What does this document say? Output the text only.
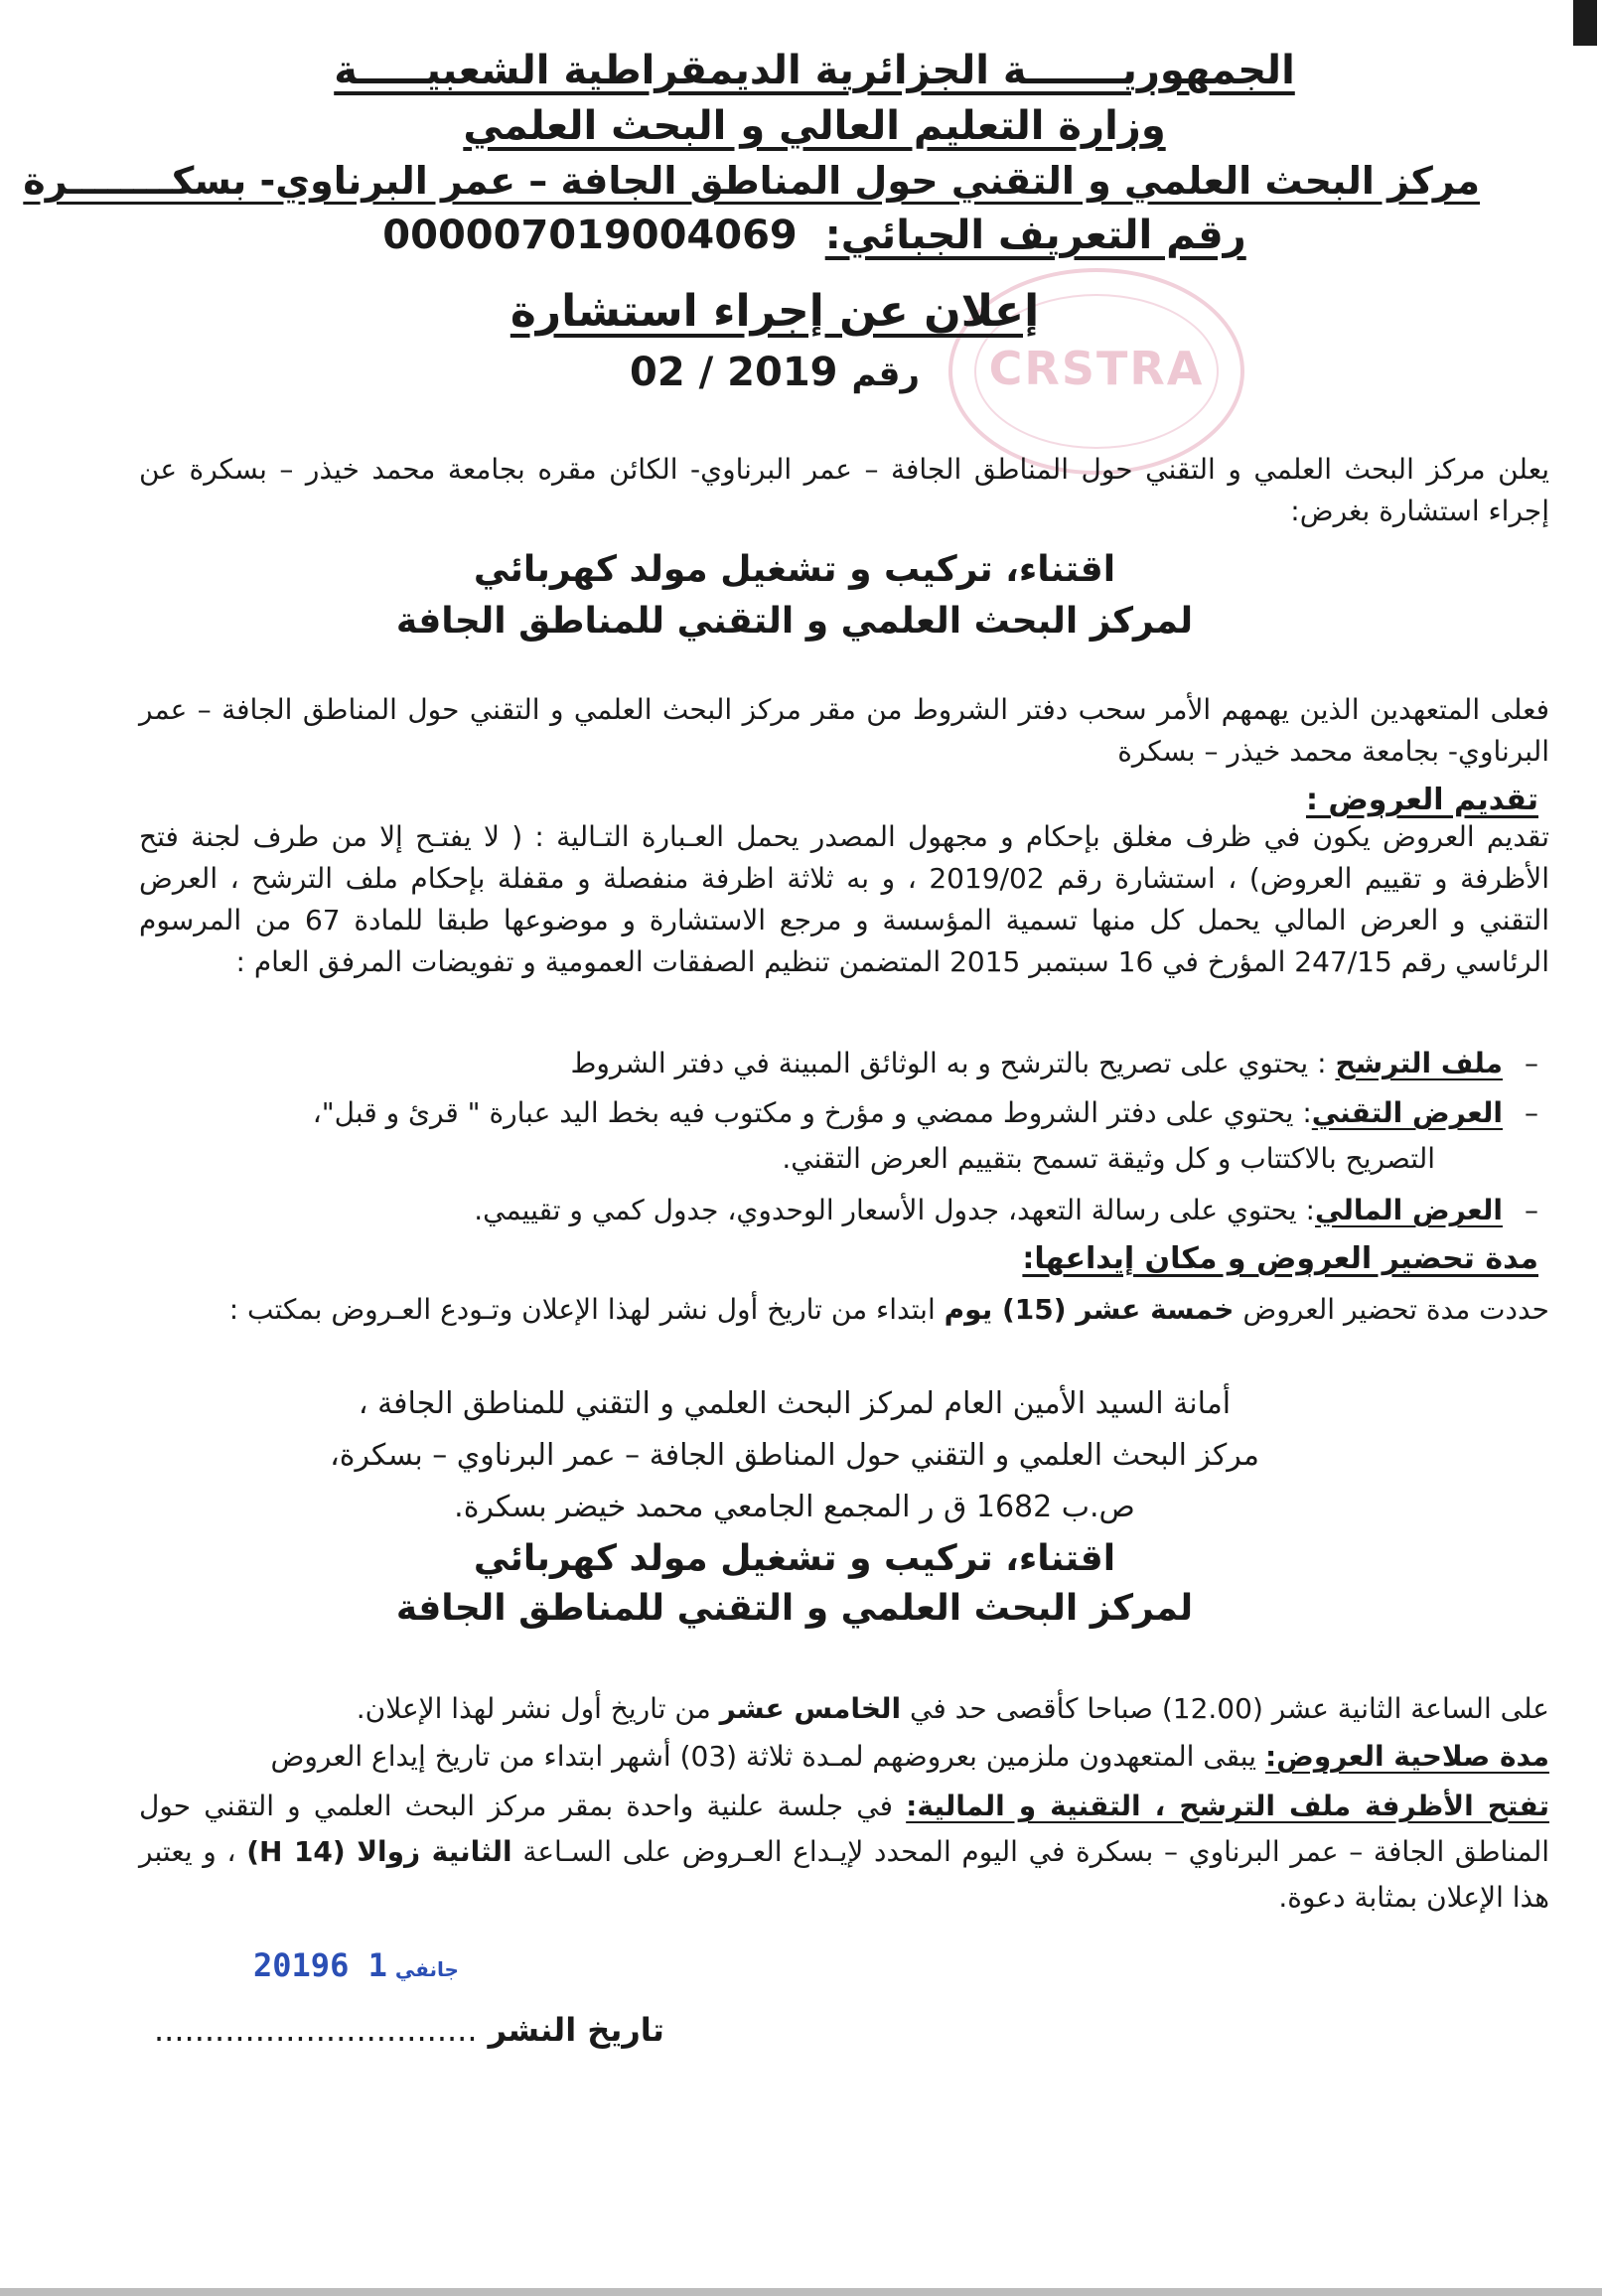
الجمهوريـــــــة الجزائرية الديمقراطية الشعبيـــــة
وزارة التعليم العالي و البحث العلمي
مركز البحث العلمي و التقني حول المناطق الجافة – عمر البرناوي- بسكــــــــرة
رقم التعريف الجبائي: 000007019004069
CRSTRA
إعلان عن إجراء استشارة
رقم 02 / 2019
يعلن مركز البحث العلمي و التقني حول المناطق الجافة – عمر البرناوي- الكائن مقره بجامعة محمد خيذر – بسكرة عن إجراء استشارة بغرض:
اقتناء، تركيب و تشغيل مولد كهربائي
لمركز البحث العلمي و التقني للمناطق الجافة
فعلى المتعهدين الذين يهمهم الأمر سحب دفتر الشروط من مقر مركز البحث العلمي و التقني حول المناطق الجافة – عمر البرناوي- بجامعة محمد خيذر – بسكرة
تقديم العروض :
تقديم العروض يكون في ظرف مغلق بإحكام و مجهول المصدر يحمل العـبارة التـالية : ( لا يفتـح إلا من طرف لجنة فتح الأظرفة و تقييم العروض) ، استشارة رقم 2019/02 ، و به ثلاثة اظرفة منفصلة و مقفلة بإحكام ملف الترشح ، العرض التقني و العرض المالي يحمل كل منها تسمية المؤسسة و مرجع الاستشارة و موضوعها طبقا للمادة 67 من المرسوم الرئاسي رقم 247/15 المؤرخ في 16 سبتمبر 2015 المتضمن تنظيم الصفقات العمومية و تفويضات المرفق العام :
–ملف الترشح : يحتوي على تصريح بالترشح و به الوثائق المبينة في دفتر الشروط
–العرض التقني: يحتوي على دفتر الشروط ممضي و مؤرخ و مكتوب فيه بخط اليد عبارة " قرئ و قبل"،
التصريح بالاكتتاب و كل وثيقة تسمح بتقييم العرض التقني.
–العرض المالي: يحتوي على رسالة التعهد، جدول الأسعار الوحدوي، جدول كمي و تقييمي.
مدة تحضير العروض و مكان إيداعها:
حددت مدة تحضير العروض خمسة عشر (15) يوم ابتداء من تاريخ أول نشر لهذا الإعلان وتـودع العـروض بمكتب :
أمانة السيد الأمين العام لمركز البحث العلمي و التقني للمناطق الجافة ،
مركز البحث العلمي و التقني حول المناطق الجافة – عمر البرناوي – بسكرة،
ص.ب 1682 ق ر المجمع الجامعي محمد خيضر بسكرة.
اقتناء، تركيب و تشغيل مولد كهربائي
لمركز البحث العلمي و التقني للمناطق الجافة
على الساعة الثانية عشر (12.00) صباحا كأقصى حد في الخامس عشر من تاريخ أول نشر لهذا الإعلان.
مدة صلاحية العروض: يبقى المتعهدون ملزمين بعروضهم لمـدة ثلاثة (03) أشهر ابتداء من تاريخ إيداع العروض
تفتح الأظرفة ملف الترشح ، التقنية و المالية: في جلسة علنية واحدة بمقر مركز البحث العلمي و التقني حول المناطق الجافة – عمر البرناوي – بسكرة في اليوم المحدد لإيـداع العـروض على السـاعة الثانية زوالا (14 H) ، و يعتبر هذا الإعلان بمثابة دعوة.
2019	جانفي1 6
تاريخ النشر ................................
